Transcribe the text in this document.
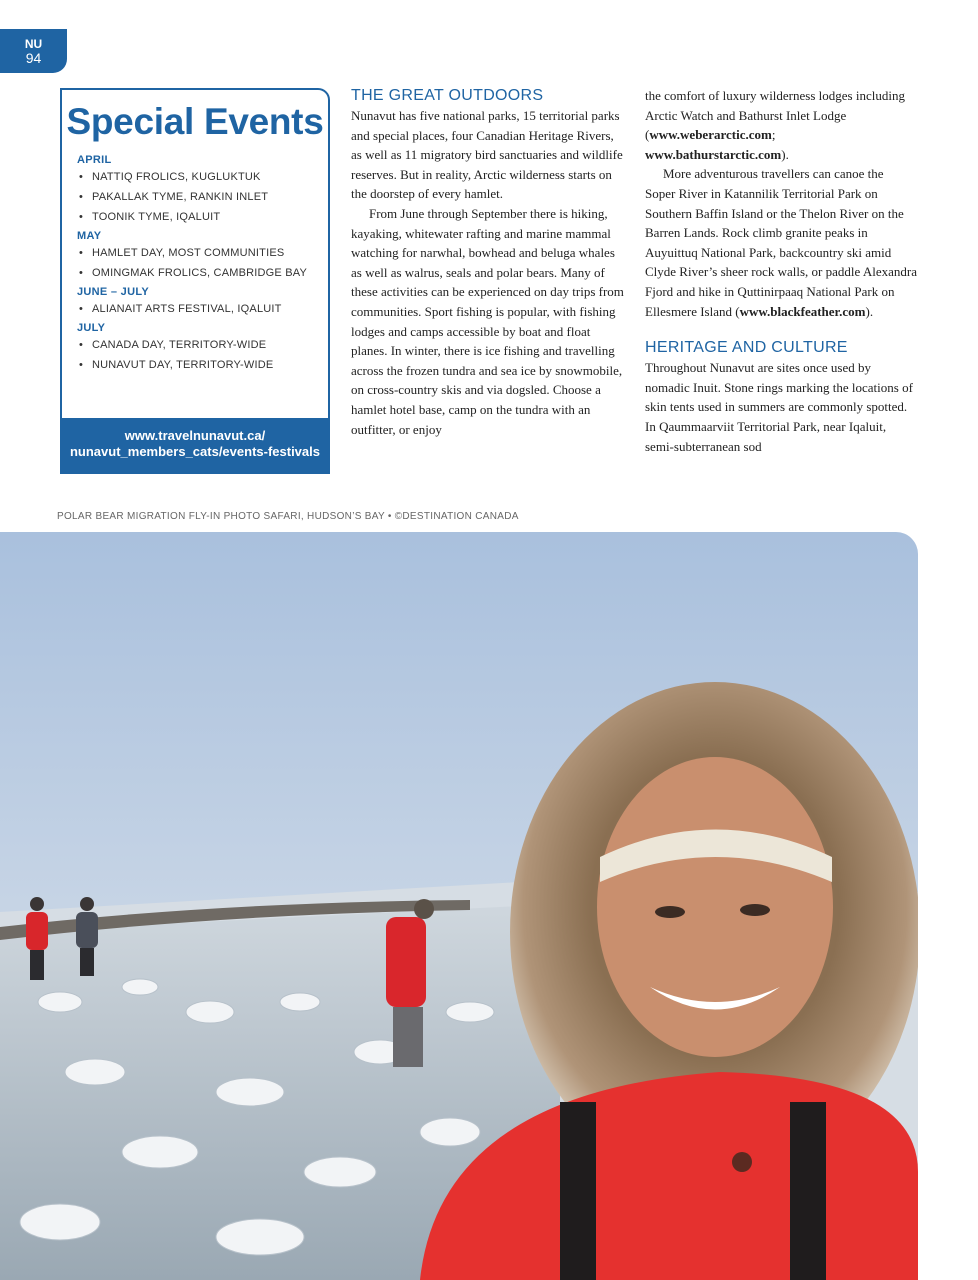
NU
94
Special Events
APRIL
• NATTIQ FROLICS, KUGLUKTUK
• PAKALLAK TYME, RANKIN INLET
• TOONIK TYME, IQALUIT
MAY
• HAMLET DAY, MOST COMMUNITIES
• OMINGMAK FROLICS, CAMBRIDGE BAY
JUNE – JULY
• ALIANAIT ARTS FESTIVAL, IQALUIT
JULY
• CANADA DAY, TERRITORY-WIDE
• NUNAVUT DAY, TERRITORY-WIDE
www.travelnunavut.ca/
nunavut_members_cats/events-festivals
THE GREAT OUTDOORS

Nunavut has five national parks, 15 territorial parks and special places, four Canadian Heritage Rivers, as well as 11 migratory bird sanctuaries and wildlife reserves. But in reality, Arctic wilderness starts on the doorstep of every hamlet.

From June through September there is hiking, kayaking, whitewater rafting and marine mammal watching for narwhal, bowhead and beluga whales as well as walrus, seals and polar bears. Many of these activities can be experienced on day trips from communities. Sport fishing is popular, with fishing lodges and camps accessible by boat and float planes. In winter, there is ice fishing and travelling across the frozen tundra and sea ice by snowmobile, on cross-country skis and via dogsled. Choose a hamlet hotel base, camp on the tundra with an outfitter, or enjoy

the comfort of luxury wilderness lodges including Arctic Watch and Bathurst Inlet Lodge (www.weberarctic.com;
www.bathurstarctic.com).

More adventurous travellers can canoe the Soper River in Katannilik Territorial Park on Southern Baffin Island or the Thelon River on the Barren Lands. Rock climb granite peaks in Auyuittuq National Park, backcountry ski amid Clyde River’s sheer rock walls, or paddle Alexandra Fjord and hike in Quttinirpaaq National Park on Ellesmere Island (www.blackfeather.com).

HERITAGE AND CULTURE

Throughout Nunavut are sites once used by nomadic Inuit. Stone rings marking the locations of skin tents used in summers are commonly spotted. In Qaummaarviit Territorial Park, near Iqaluit, semi-subterranean sod

POLAR BEAR MIGRATION FLY-IN PHOTO SAFARI, HUDSON’S BAY • ©DESTINATION CANADA
